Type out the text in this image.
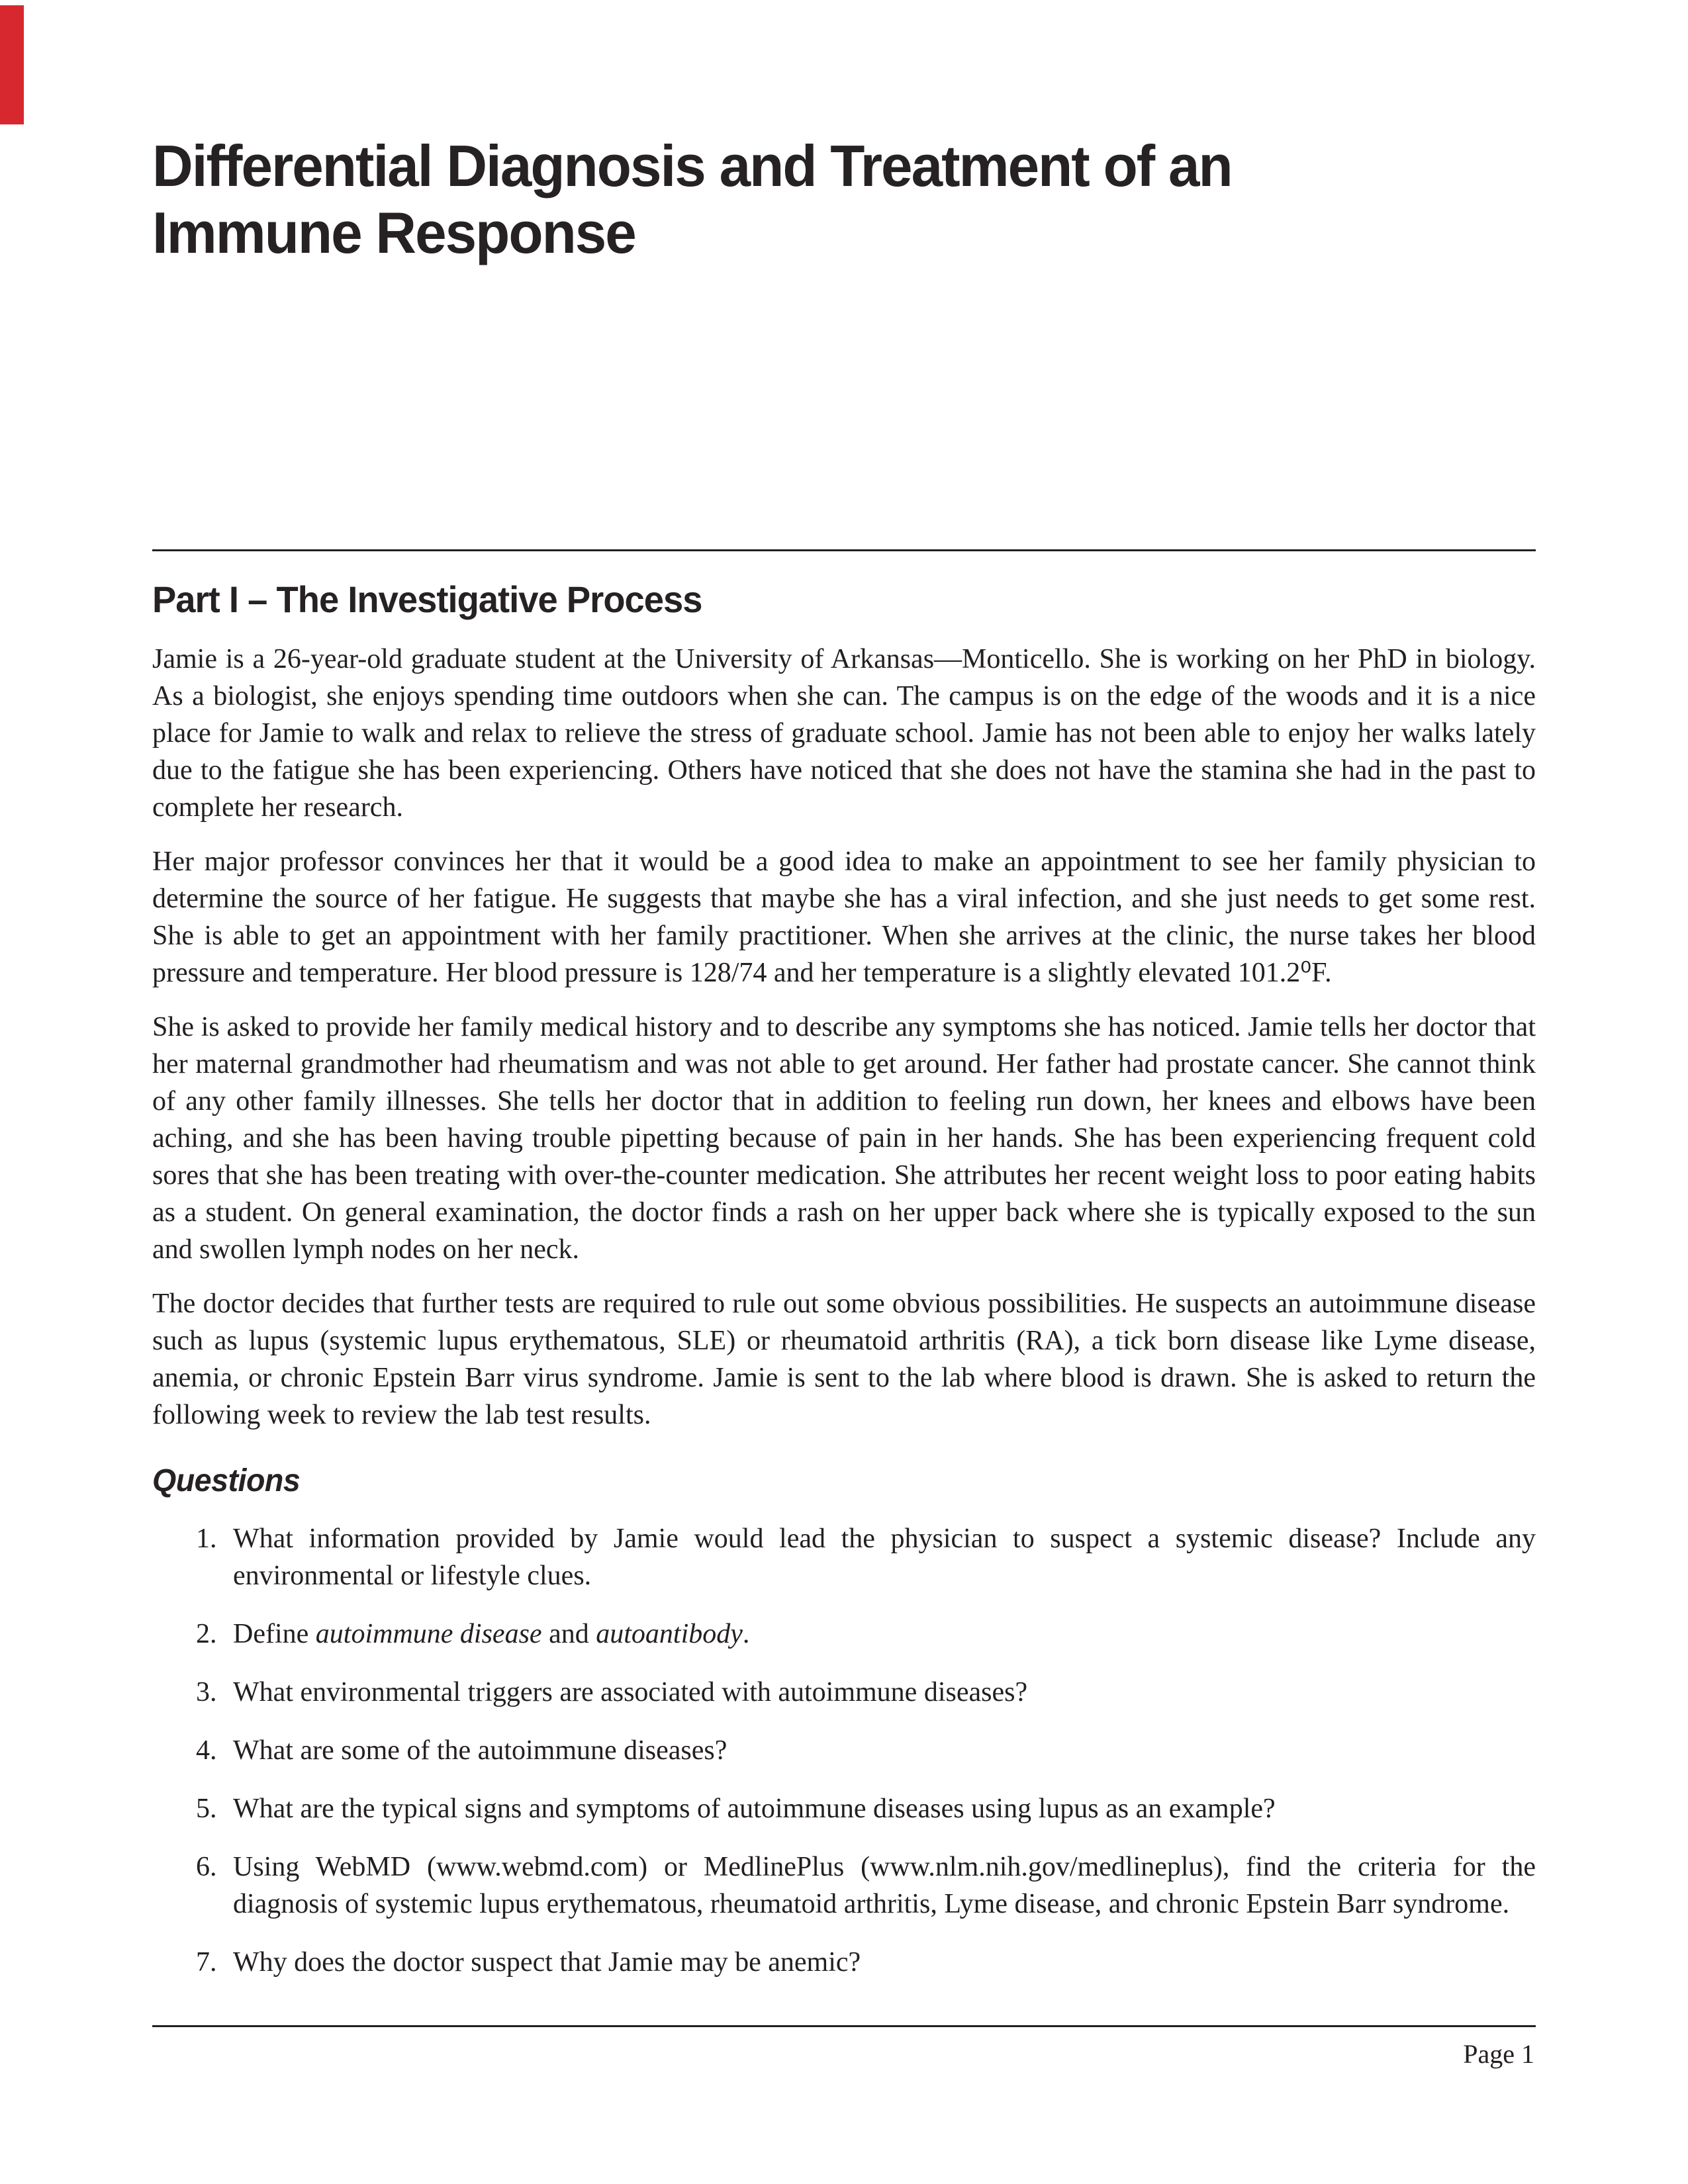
Differential Diagnosis and Treatment of an
Immune Response
Part I – The Investigative Process

Jamie is a 26-year-old graduate student at the University of Arkansas—Monticello. She is working on her PhD in biology. As a biologist, she enjoys spending time outdoors when she can. The campus is on the edge of the woods and it is a nice place for Jamie to walk and relax to relieve the stress of graduate school. Jamie has not been able to enjoy her walks lately due to the fatigue she has been experiencing. Others have noticed that she does not have the stamina she had in the past to complete her research.

Her major professor convinces her that it would be a good idea to make an appointment to see her family physician to determine the source of her fatigue. He suggests that maybe she has a viral infection, and she just needs to get some rest. She is able to get an appointment with her family practitioner. When she arrives at the clinic, the nurse takes her blood pressure and temperature. Her blood pressure is 128/74 and her temperature is a slightly elevated 101.2⁰F.

She is asked to provide her family medical history and to describe any symptoms she has noticed. Jamie tells her doctor that her maternal grandmother had rheumatism and was not able to get around. Her father had prostate cancer. She cannot think of any other family illnesses. She tells her doctor that in addition to feeling run down, her knees and elbows have been aching, and she has been having trouble pipetting because of pain in her hands. She has been experiencing frequent cold sores that she has been treating with over-the-counter medication. She attributes her recent weight loss to poor eating habits as a student. On general examination, the doctor finds a rash on her upper back where she is typically exposed to the sun and swollen lymph nodes on her neck.

The doctor decides that further tests are required to rule out some obvious possibilities. He suspects an autoimmune disease such as lupus (systemic lupus erythematous, SLE) or rheumatoid arthritis (RA), a tick born disease like Lyme disease, anemia, or chronic Epstein Barr virus syndrome. Jamie is sent to the lab where blood is drawn. She is asked to return the following week to review the lab test results.

Questions
1. What information provided by Jamie would lead the physician to suspect a systemic disease? Include any environmental or lifestyle clues.
2. Define autoimmune disease and autoantibody.
3. What environmental triggers are associated with autoimmune diseases?
4. What are some of the autoimmune diseases?
5. What are the typical signs and symptoms of autoimmune diseases using lupus as an example?
6. Using WebMD (www.webmd.com) or MedlinePlus (www.nlm.nih.gov/medlineplus), find the criteria for the diagnosis of systemic lupus erythematous, rheumatoid arthritis, Lyme disease, and chronic Epstein Barr syndrome.
7. Why does the doctor suspect that Jamie may be anemic?
Page 1
